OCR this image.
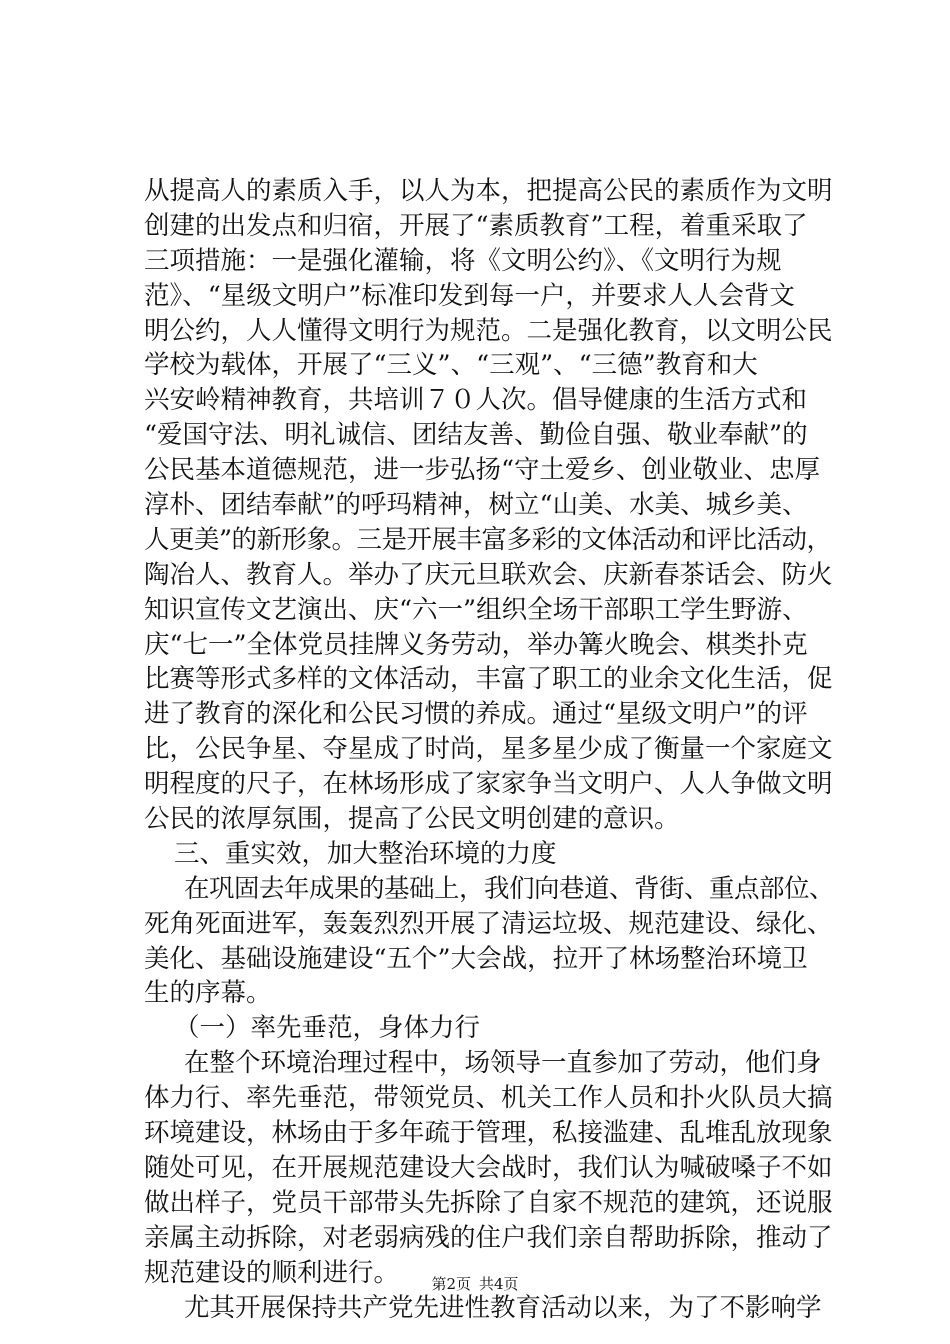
从提高人的素质入手，以人为本，把提高公民的素质作为文明
创建的出发点和归宿，开展了“素质教育”工程，着重采取了
三项措施：一是强化灌输，将《文明公约》、《文明行为规
范》、“星级文明户”标准印发到每一户，并要求人人会背文
明公约，人人懂得文明行为规范。二是强化教育，以文明公民
学校为载体，开展了“三义”、“三观”、“三德”教育和大
兴安岭精神教育，共培训７０人次。倡导健康的生活方式和
“爱国守法、明礼诚信、团结友善、勤俭自强、敬业奉献”的
公民基本道德规范，进一步弘扬“守土爱乡、创业敬业、忠厚
淳朴、团结奉献”的呼玛精神，树立“山美、水美、城乡美、
人更美”的新形象。三是开展丰富多彩的文体活动和评比活动，
陶冶人、教育人。举办了庆元旦联欢会、庆新春茶话会、防火
知识宣传文艺演出、庆“六一”组织全场干部职工学生野游、
庆“七一”全体党员挂牌义务劳动，举办篝火晚会、棋类扑克
比赛等形式多样的文体活动，丰富了职工的业余文化生活，促
进了教育的深化和公民习惯的养成。通过“星级文明户”的评
比，公民争星、夺星成了时尚，星多星少成了衡量一个家庭文
明程度的尺子，在林场形成了家家争当文明户、人人争做文明
公民的浓厚氛围，提高了公民文明创建的意识。
三、重实效，加大整治环境的力度
在巩固去年成果的基础上，我们向巷道、背街、重点部位、
死角死面进军，轰轰烈烈开展了清运垃圾、规范建设、绿化、
美化、基础设施建设“五个”大会战，拉开了林场整治环境卫
生的序幕。
（一）率先垂范，身体力行
在整个环境治理过程中，场领导一直参加了劳动，他们身
体力行、率先垂范，带领党员、机关工作人员和扑火队员大搞
环境建设，林场由于多年疏于管理，私接滥建、乱堆乱放现象
随处可见，在开展规范建设大会战时，我们认为喊破嗓子不如
做出样子，党员干部带头先拆除了自家不规范的建筑，还说服
亲属主动拆除，对老弱病残的住户我们亲自帮助拆除，推动了
规范建设的顺利进行。
尤其开展保持共产党先进性教育活动以来，为了不影响学
第2页 共4页
